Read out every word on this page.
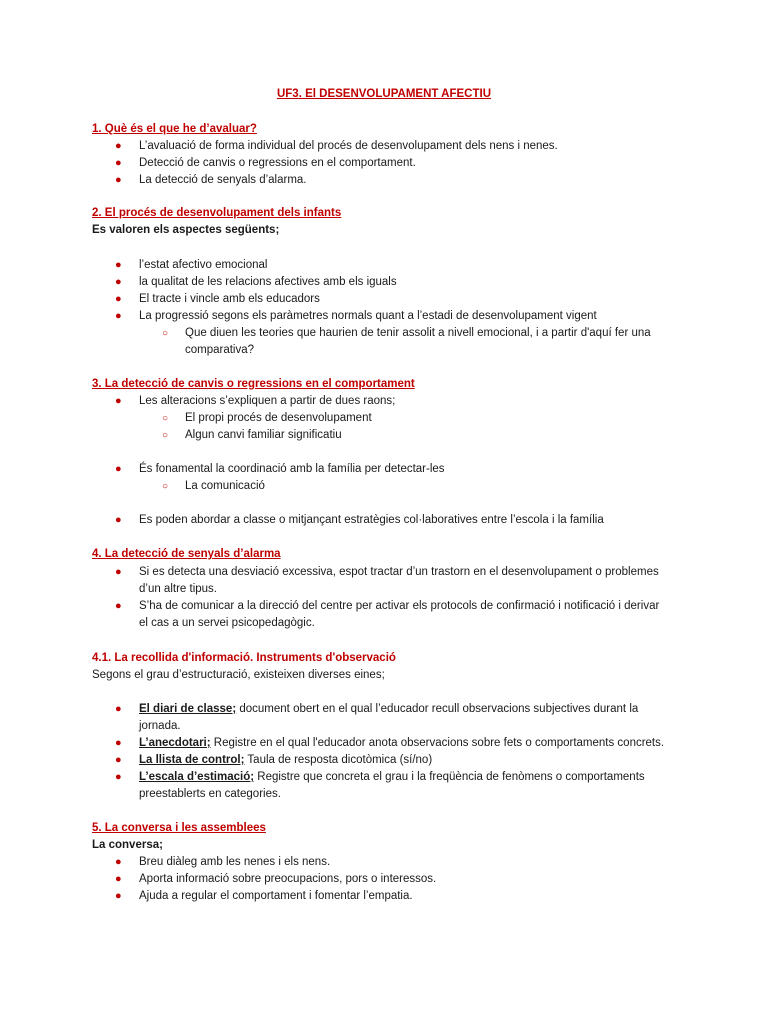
UF3. El DESENVOLUPAMENT AFECTIU
1. Què és el que he d’avaluar?
● L’avaluació de forma individual del procés de desenvolupament dels nens i nenes.
● Detecció de canvis o regressions en el comportament.
● La detecció de senyals d’alarma.
2. El procés de desenvolupament dels infants
Es valoren els aspectes següents;
● l’estat afectivo emocional
● la qualitat de les relacions afectives amb els iguals
● El tracte i vincle amb els educadors
● La progressió segons els paràmetres normals quant a l’estadi de desenvolupament vigent
○ Que diuen les teories que haurien de tenir assolit a nivell emocional, i a partir d'aquí fer una
comparativa?
3. La detecció de canvis o regressions en el comportament
● Les alteracions s’expliquen a partir de dues raons;
○ El propi procés de desenvolupament
○ Algun canvi familiar significatiu
● És fonamental la coordinació amb la família per detectar-les
○ La comunicació
● Es poden abordar a classe o mitjançant estratègies col·laboratives entre l’escola i la família
4. La detecció de senyals d’alarma
● Si es detecta una desviació excessiva, espot tractar d’un trastorn en el desenvolupament o problemes
d’un altre tipus.
● S’ha de comunicar a la direcció del centre per activar els protocols de confirmació i notificació i derivar
el cas a un servei psicopedagògic.
4.1. La recollida d'informació. Instruments d'observació
Segons el grau d’estructuració, existeixen diverses eines;
● El diari de classe; document obert en el qual l’educador recull observacions subjectives durant la
jornada.
● L’anecdotari; Registre en el qual l'educador anota observacions sobre fets o comportaments concrets.
● La llista de control; Taula de resposta dicotòmica (sí/no)
● L’escala d’estimació; Registre que concreta el grau i la freqüència de fenòmens o comportaments
preestablerts en categories.
5. La conversa i les assemblees
La conversa;
● Breu diàleg amb les nenes i els nens.
● Aporta informació sobre preocupacions, pors o interessos.
● Ajuda a regular el comportament i fomentar l’empatia.
